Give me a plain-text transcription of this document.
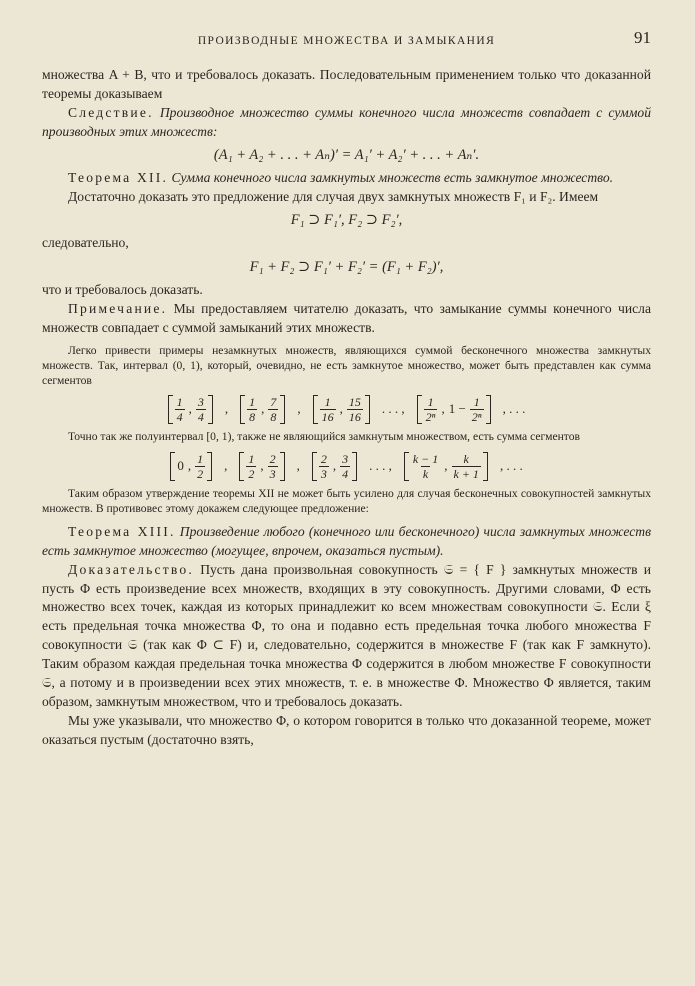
ПРОИЗВОДНЫЕ МНОЖЕСТВА И ЗАМЫКАНИЯ	91

множества A + B, что и требовалось доказать. Последовательным применением только что доказанной теоремы доказываем

Следствие. Производное множество суммы конечного числа множеств совпадает с суммой производных этих множеств:

(A₁ + A₂ + . . . + Aₙ)′ = A₁′ + A₂′ + . . . + Aₙ′.

Теорема XII. Сумма конечного числа замкнутых множеств есть замкнутое множество.

Достаточно доказать это предложение для случая двух замкнутых множеств F₁ и F₂. Имеем

F₁ ⊃ F₁′, F₂ ⊃ F₂′,

следовательно,

F₁ + F₂ ⊃ F₁′ + F₂′ = (F₁ + F₂)′,

что и требовалось доказать.

Примечание. Мы предоставляем читателю доказать, что замыкание суммы конечного числа множеств совпадает с суммой замыканий этих множеств.

Легко привести примеры незамкнутых множеств, являющихся суммой бесконечного множества замкнутых множеств. Так, интервал (0, 1), который, очевидно, не есть замкнутое множество, может быть представлен как сумма сегментов

$\frac{1}{4}$ , $\frac{3}{4}$ , $\frac{1}{8}$ , $\frac{7}{8}$ , $\frac{1}{16}$ , $\frac{15}{16}$ . . . , $\frac{1}{\text{2ⁿ}}$ , $1 - \frac{1}{\text{2ⁿ}}$ , . . .

Точно так же полуинтервал [0, 1), также не являющийся замкнутым множеством, есть сумма сегментов

0 , $\frac{1}{2}$ , $\frac{1}{2}$ , $\frac{2}{3}$ , $\frac{2}{3}$ , $\frac{3}{4}$ . . . , $\frac{k - 1}{k}$ , $\frac{k}{k + 1}$ , . . .

Таким образом утверждение теоремы XII не может быть усилено для случая бесконечных совокупностей замкнутых множеств. В противовес этому докажем следующее предложение:

Теорема XIII. Произведение любого (конечного или бесконечного) числа замкнутых множеств есть замкнутое множество (могущее, впрочем, оказаться пустым).

Доказательство. Пусть дана произвольная совокупность 𝔖 = { F } замкнутых множеств и пусть Φ есть произведение всех множеств, входящих в эту совокупность. Другими словами, Φ есть множество всех точек, каждая из которых принадлежит ко всем множествам совокупности 𝔖. Если ξ есть предельная точка множества Φ, то она и подавно есть предельная точка любого множества F совокупности 𝔖 (так как Φ ⊂ F) и, следовательно, содержится в множестве F (так как F замкнуто). Таким образом каждая предельная точка множества Φ содержится в любом множестве F совокупности 𝔖, а потому и в произведении всех этих множеств, т. е. в множестве Φ. Множество Φ является, таким образом, замкнутым множеством, что и требовалось доказать.

Мы уже указывали, что множество Φ, о котором говорится в только что доказанной теореме, может оказаться пустым (достаточно взять,
